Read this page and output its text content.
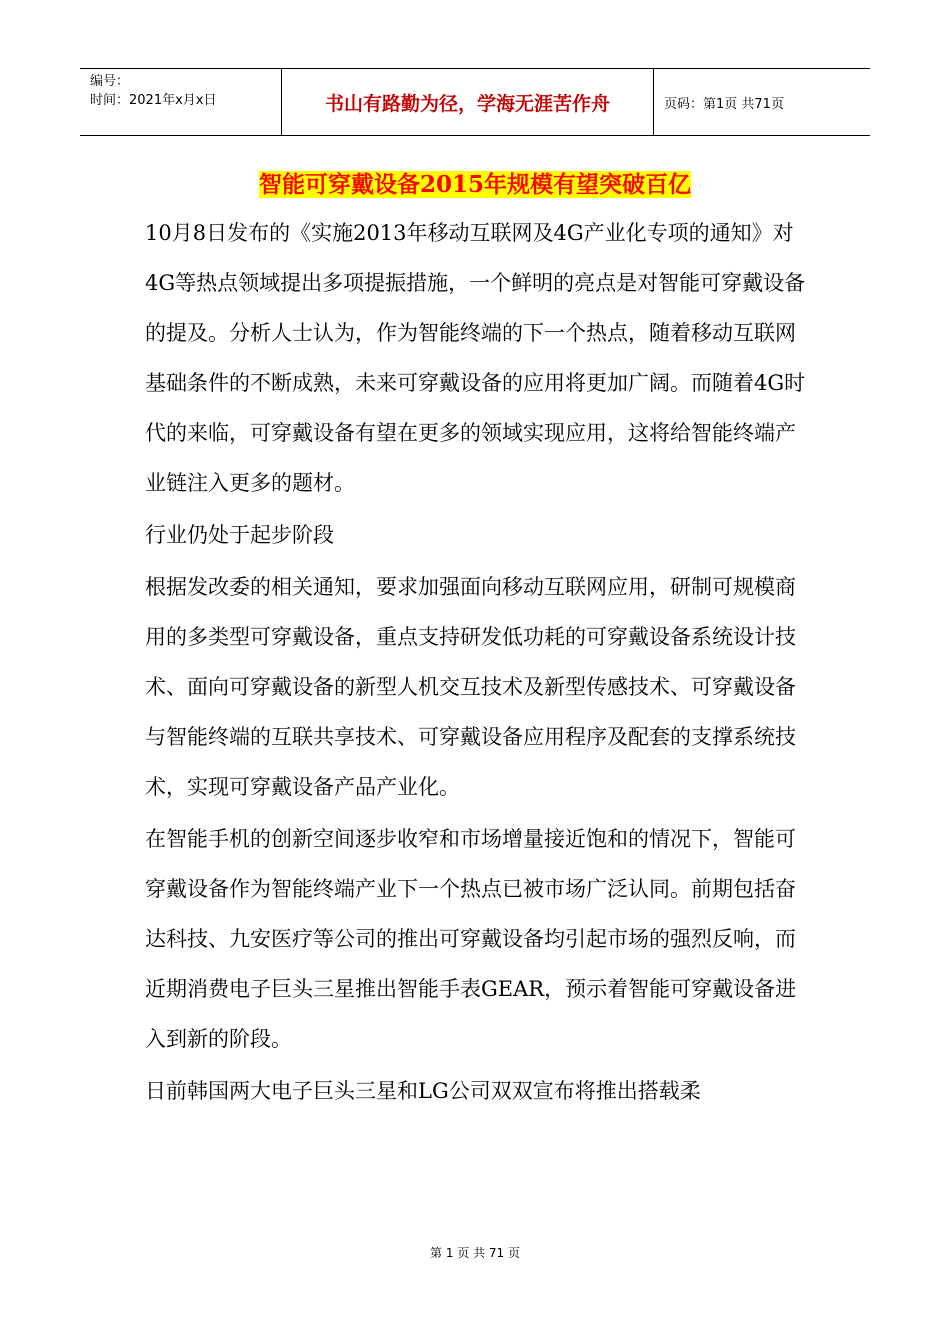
编号：
时间：2021年x月x日	书山有路勤为径，学海无涯苦作舟	页码：第1页 共71页
智能可穿戴设备2015年规模有望突破百亿

10月8日发布的《实施2013年移动互联网及4G产业化专项的通知》对4G等热点领域提出多项提振措施，一个鲜明的亮点是对智能可穿戴设备的提及。分析人士认为，作为智能终端的下一个热点，随着移动互联网基础条件的不断成熟，未来可穿戴设备的应用将更加广阔。而随着4G时代的来临，可穿戴设备有望在更多的领域实现应用，这将给智能终端产业链注入更多的题材。

行业仍处于起步阶段

根据发改委的相关通知，要求加强面向移动互联网应用，研制可规模商用的多类型可穿戴设备，重点支持研发低功耗的可穿戴设备系统设计技术、面向可穿戴设备的新型人机交互技术及新型传感技术、可穿戴设备与智能终端的互联共享技术、可穿戴设备应用程序及配套的支撑系统技术，实现可穿戴设备产品产业化。

在智能手机的创新空间逐步收窄和市场增量接近饱和的情况下，智能可穿戴设备作为智能终端产业下一个热点已被市场广泛认同。前期包括奋达科技、九安医疗等公司的推出可穿戴设备均引起市场的强烈反响，而近期消费电子巨头三星推出智能手表GEAR，预示着智能可穿戴设备进入到新的阶段。

日前韩国两大电子巨头三星和LG公司双双宣布将推出搭载柔

第 1 页 共 71 页
